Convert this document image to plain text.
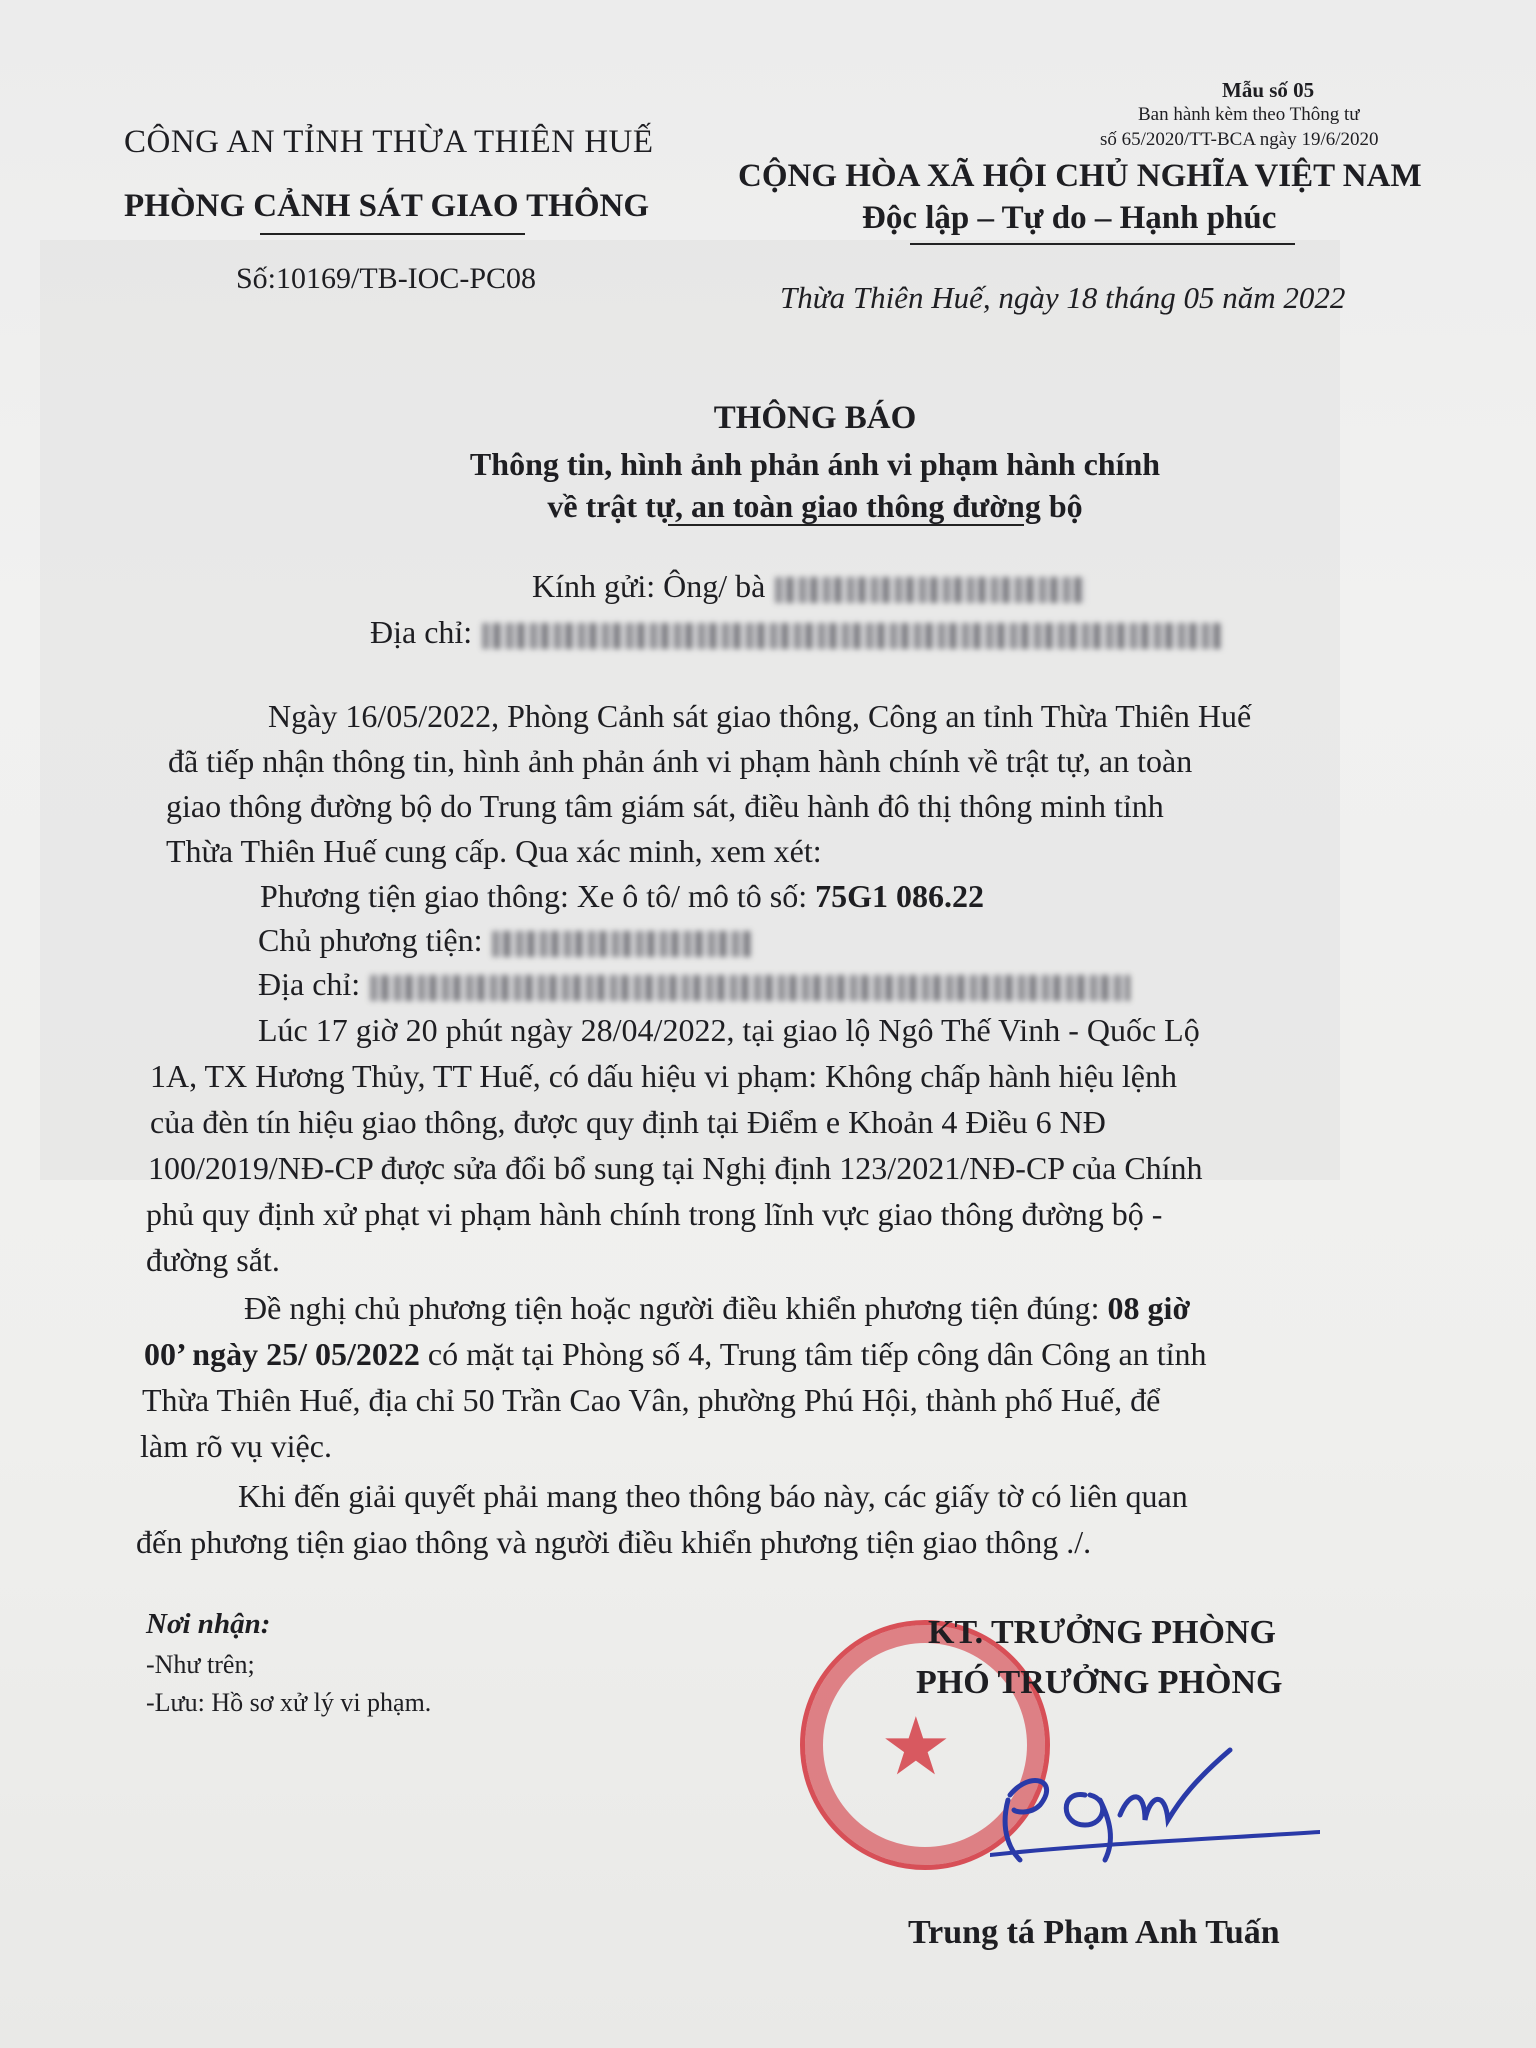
Mẫu số 05
Ban hành kèm theo Thông tư
số 65/2020/TT-BCA ngày 19/6/2020
CÔNG AN TỈNH THỪA THIÊN HUẾ
PHÒNG CẢNH SÁT GIAO THÔNG
CỘNG HÒA XÃ HỘI CHỦ NGHĨA VIỆT NAM
Độc lập – Tự do – Hạnh phúc
Số:10169/TB-IOC-PC08
Thừa Thiên Huế, ngày 18 tháng 05 năm 2022
THÔNG BÁO
Thông tin, hình ảnh phản ánh vi phạm hành chính
về trật tự, an toàn giao thông đường bộ
Kính gửi: Ông/ bà
Địa chỉ:
Ngày 16/05/2022, Phòng Cảnh sát giao thông, Công an tỉnh Thừa Thiên Huế
đã tiếp nhận thông tin, hình ảnh phản ánh vi phạm hành chính về trật tự, an toàn
giao thông đường bộ do Trung tâm giám sát, điều hành đô thị thông minh tỉnh
Thừa Thiên Huế cung cấp. Qua xác minh, xem xét:
Phương tiện giao thông: Xe ô tô/ mô tô số: 75G1 086.22
Chủ phương tiện:
Địa chỉ:
Lúc 17 giờ 20 phút ngày 28/04/2022, tại giao lộ Ngô Thế Vinh - Quốc Lộ
1A, TX Hương Thủy, TT Huế, có dấu hiệu vi phạm: Không chấp hành hiệu lệnh
của đèn tín hiệu giao thông, được quy định tại Điểm e Khoản 4 Điều 6 NĐ
100/2019/NĐ-CP được sửa đổi bổ sung tại Nghị định 123/2021/NĐ-CP của Chính
phủ quy định xử phạt vi phạm hành chính trong lĩnh vực giao thông đường bộ -
đường sắt.
Đề nghị chủ phương tiện hoặc người điều khiển phương tiện đúng: 08 giờ
00’ ngày 25/ 05/2022 có mặt tại Phòng số 4, Trung tâm tiếp công dân Công an tỉnh
Thừa Thiên Huế, địa chỉ 50 Trần Cao Vân, phường Phú Hội, thành phố Huế, để
làm rõ vụ việc.
Khi đến giải quyết phải mang theo thông báo này, các giấy tờ có liên quan
đến phương tiện giao thông và người điều khiển phương tiện giao thông ./.
Nơi nhận:
-Như trên;
-Lưu: Hồ sơ xử lý vi phạm.
★
KT. TRƯỞNG PHÒNG
PHÓ TRƯỞNG PHÒNG
Trung tá Phạm Anh Tuấn
